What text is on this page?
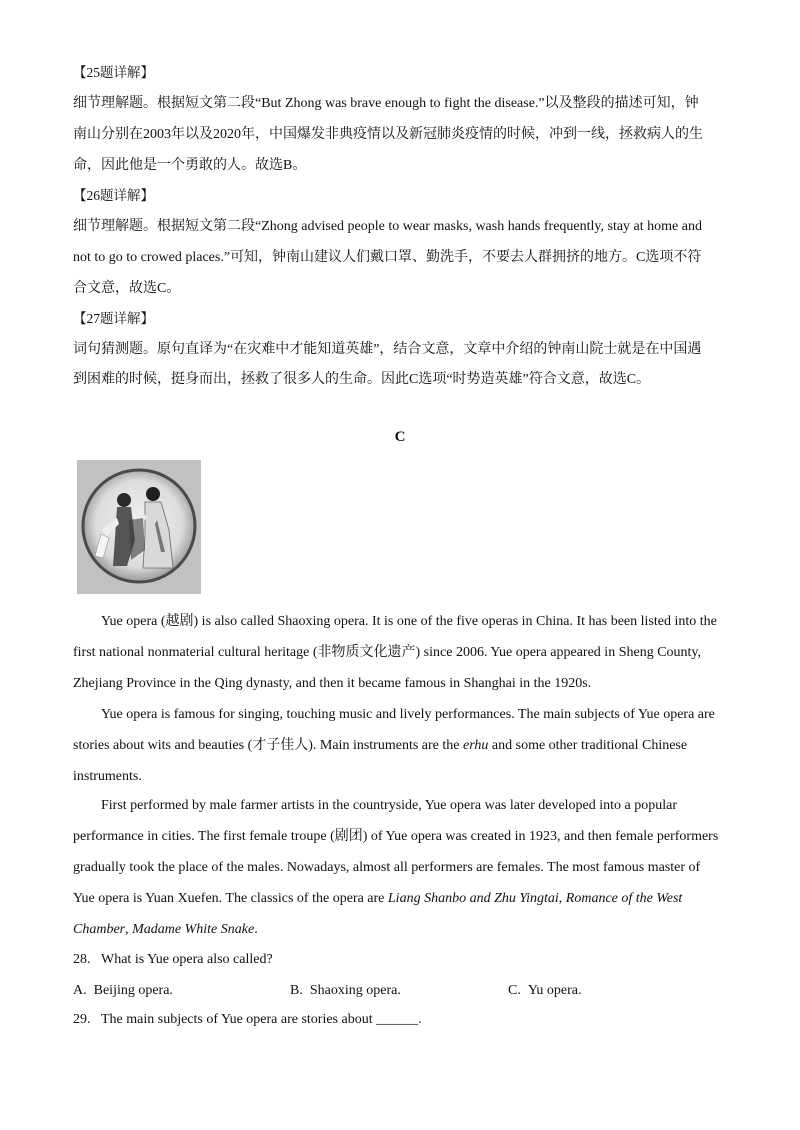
【25题详解】
细节理解题。根据短文第二段“But Zhong was brave enough to fight the disease.”以及整段的描述可知，钟
南山分别在2003年以及2020年，中国爆发非典疫情以及新冠肺炎疫情的时候，冲到一线，拯救病人的生
命，因此他是一个勇敢的人。故选B。
【26题详解】
细节理解题。根据短文第二段“Zhong advised people to wear masks, wash hands frequently, stay at home and
not to go to crowed places.”可知，钟南山建议人们戴口罩、勤洗手，不要去人群拥挤的地方。C选项不符
合文意，故选C。
【27题详解】
词句猜测题。原句直译为“在灾难中才能知道英雄”，结合文意，文章中介绍的钟南山院士就是在中国遇
到困难的时候，挺身而出，拯救了很多人的生命。因此C选项“时势造英雄”符合文意，故选C。
C
Yue opera (越剧) is also called Shaoxing opera. It is one of the five operas in China. It has been listed into the
first national nonmaterial cultural heritage (非物质文化遗产) since 2006. Yue opera appeared in Sheng County,
Zhejiang Province in the Qing dynasty, and then it became famous in Shanghai in the 1920s.
Yue opera is famous for singing, touching music and lively performances. The main subjects of Yue opera are
stories about wits and beauties (才子佳人). Main instruments are the erhu and some other traditional Chinese
instruments.
First performed by male farmer artists in the countryside, Yue opera was later developed into a popular
performance in cities. The first female troupe (剧团) of Yue opera was created in 1923, and then female performers
gradually took the place of the males. Nowadays, almost all performers are females. The most famous master of
Yue opera is Yuan Xuefen. The classics of the opera are Liang Shanbo and Zhu Yingtai, Romance of the West
Chamber, Madame White Snake.
28. What is Yue opera also called?
A. Beijing opera.	B. Shaoxing opera.	C. Yu opera.
29. The main subjects of Yue opera are stories about ______.
